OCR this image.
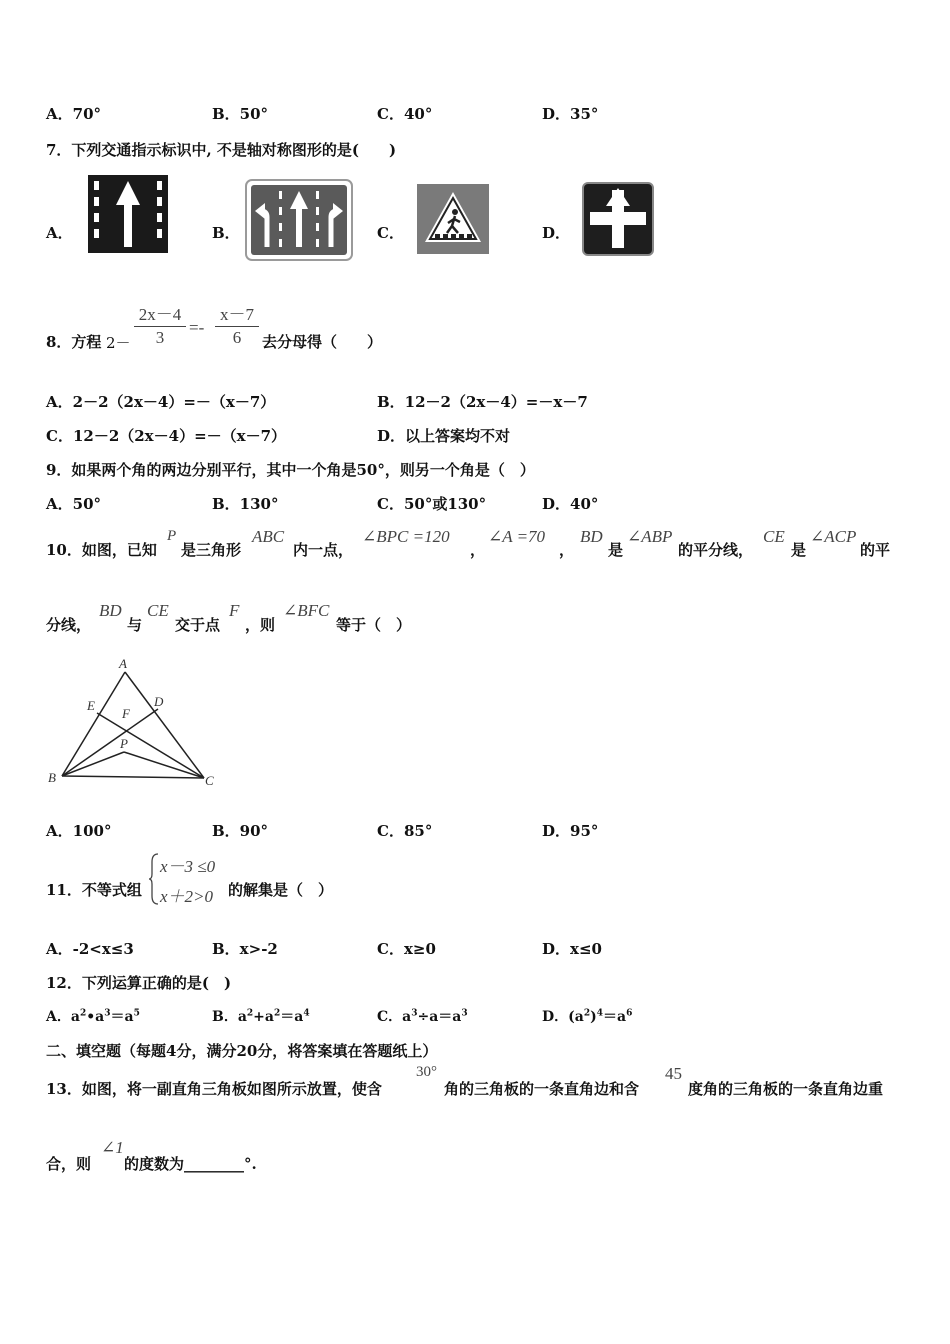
A．70°	B．50°	C．40°	D．35°
7．下列交通指示标识中, 不是轴对称图形的是(　　)
A．	B．	C．	D．
8．方程 $2- \frac{2x-4}{3} =- \frac{x-7}{6}$ 去分母得（　　）
A．2－2（2x－4）=－（x－7）	B．12－2（2x－4）=－x－7
C．12－2（2x－4）=－（x－7）	D．以上答案均不对
9．如果两个角的两边分别平行，其中一个角是50°，则另一个角是（　）
A．50°	B．130°	C．50°或130°	D．40°
10．如图，已知
P
是三角形
ABC
内一点，
∠BPC =120
，
∠A =70
，
BD
是
∠ABP
的平分线，
CE
是
∠ACP
的平
分线，
BD
与
CE
交于点
F
，则
∠BFC
等于（　）
A
B	C
D
E
F
P
A．100°	B．90°	C．85°	D．95°
11．不等式组
x－3 ≤0
x＋2>0 的解集是（　）
A．-2<x≤3	B．x>-2	C．x≥0	D．x≤0
12．下列运算正确的是(　)
A．$a^2•a^3=a^5$	B．$a^2+a^2=a^4$	C．$a^3\div a=a^3$	D．$(a^2)^4=a^6$
二、填空题（每题4分，满分20分，将答案填在答题纸上）
13．如图，将一副直角三角板如图所示放置，使含
30°
角的三角板的一条直角边和含
45
度角的三角板的一条直角边重
合，则
∠1
的度数为________°.
